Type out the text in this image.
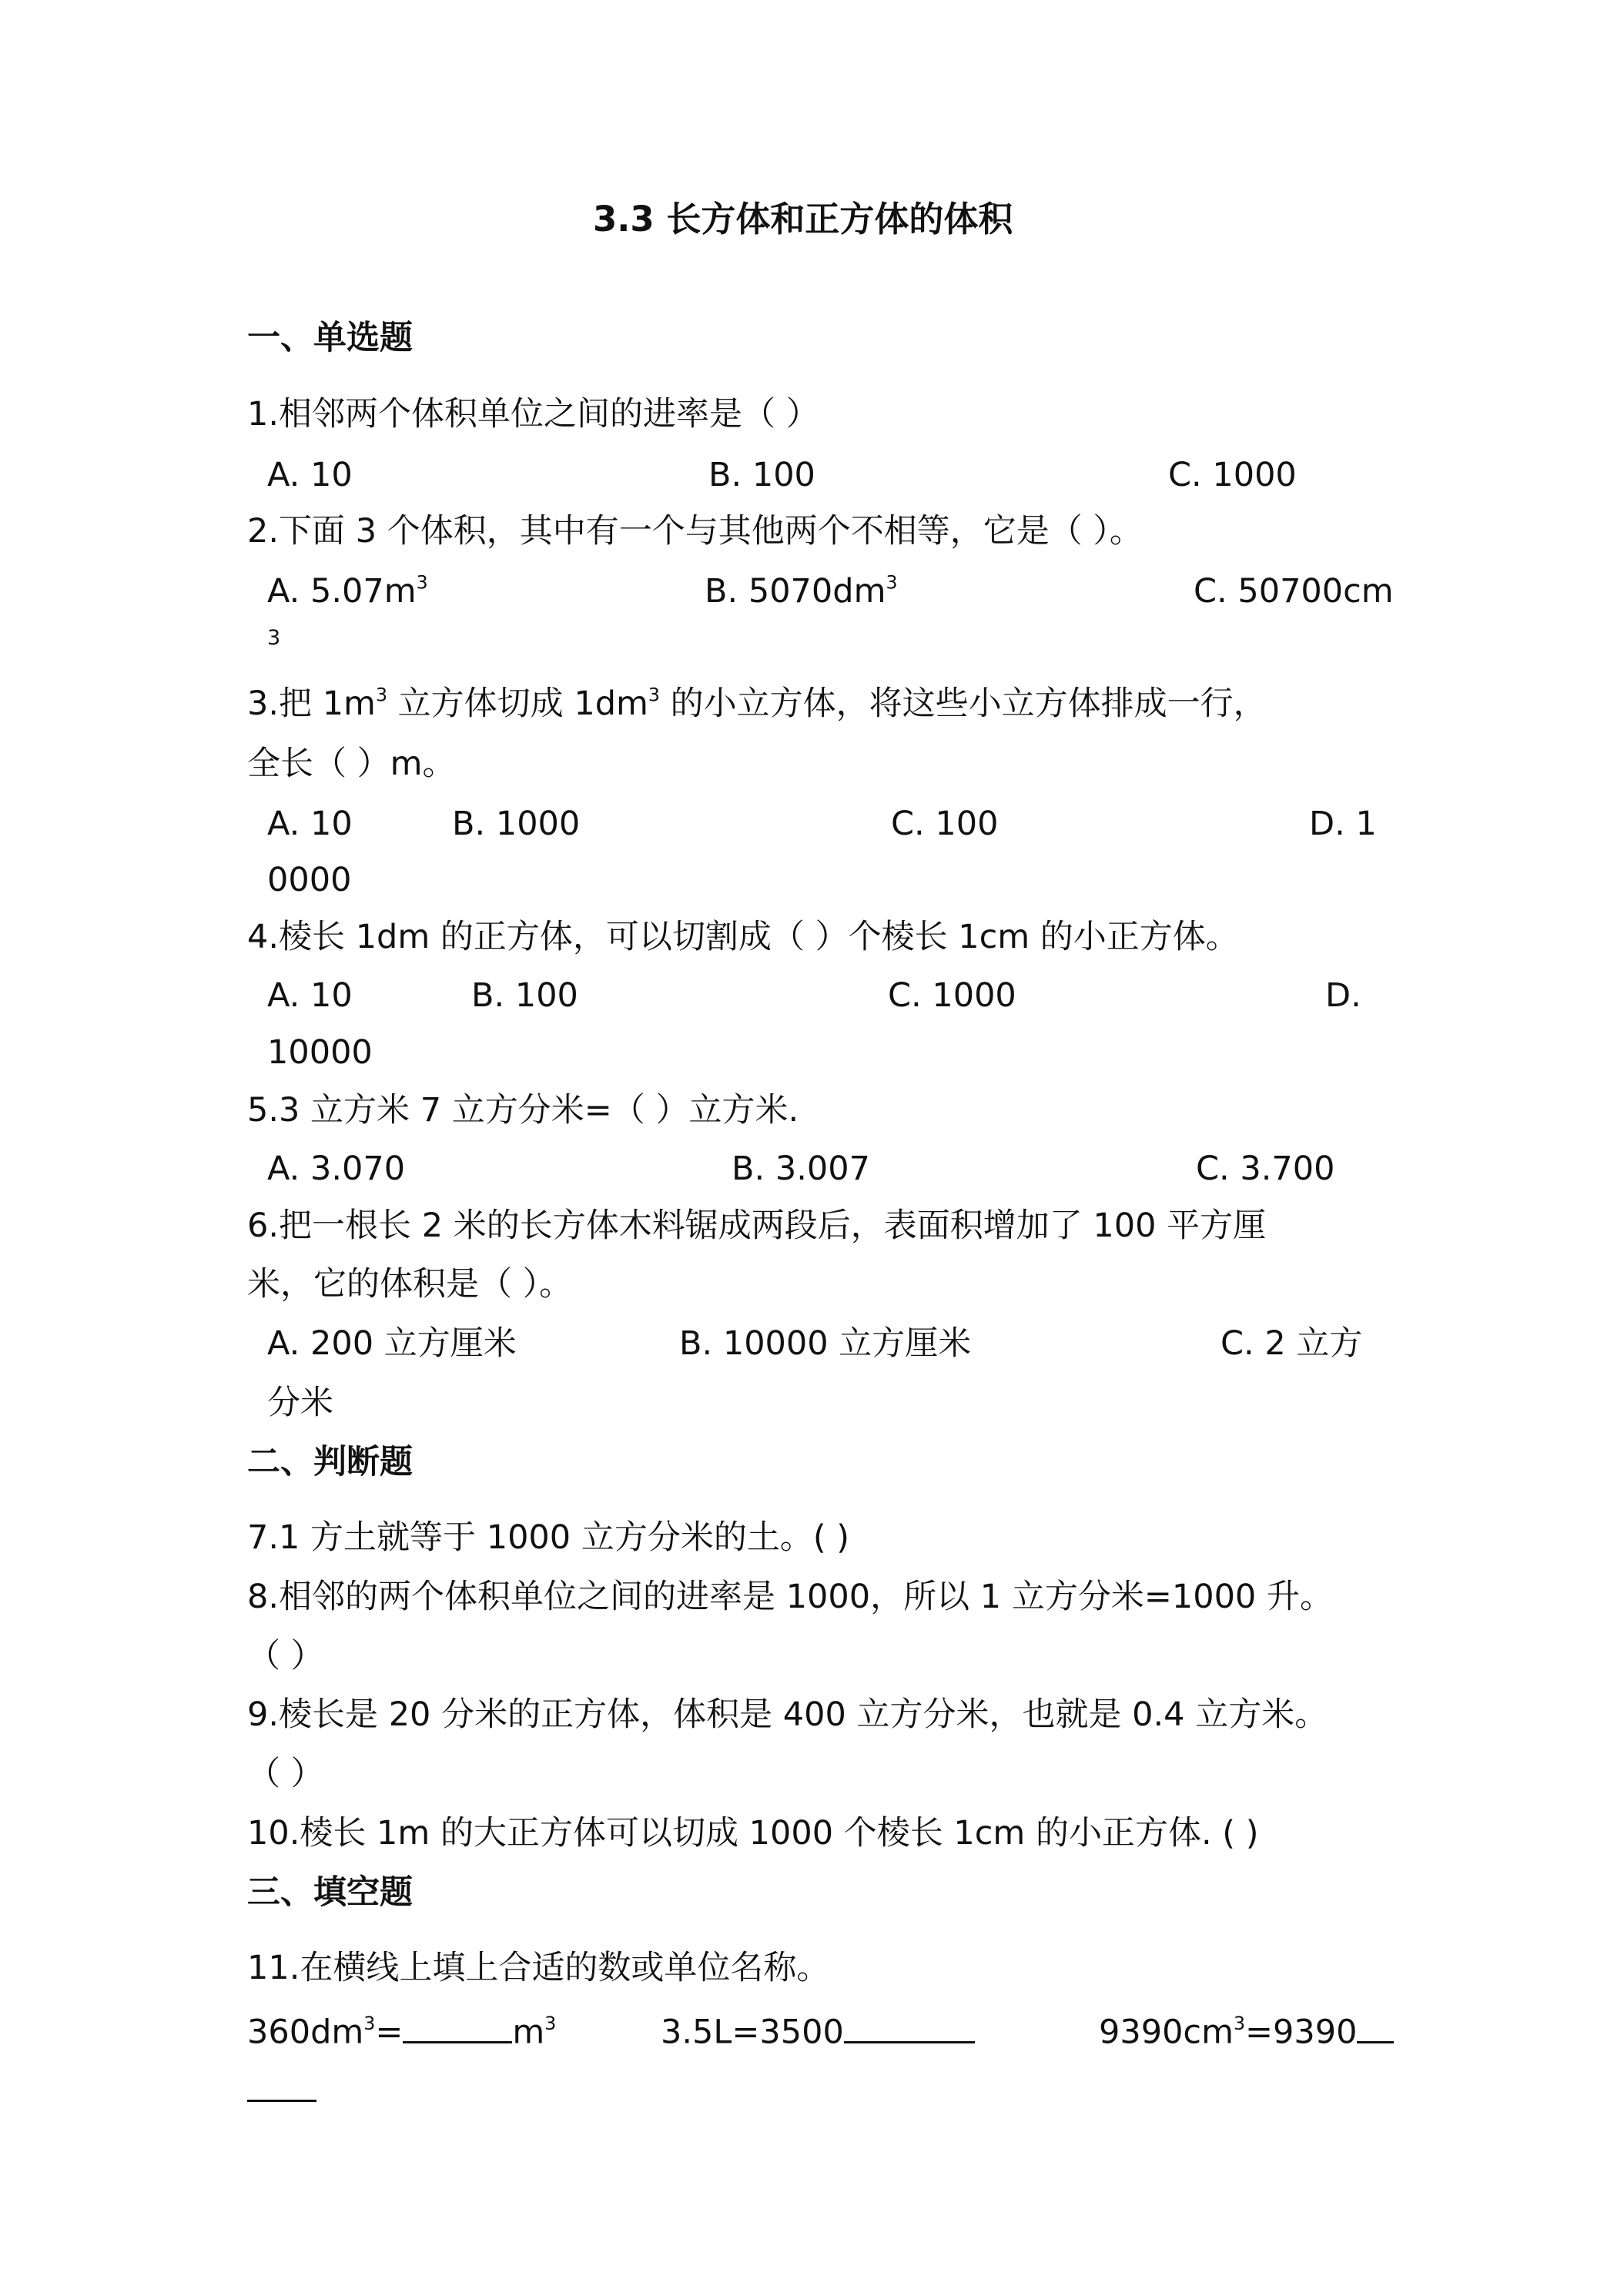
3.3 长方体和正方体的体积
一、单选题
1.相邻两个体积单位之间的进率是（ ）
A. 10	B. 100	C. 1000
2.下面 3 个体积，其中有一个与其他两个不相等，它是（ ）。
A. $5.07m^3$	B. $5070dm^3$	C. 50700cm
3
3.把 $1m^3$ 立方体切成 $1dm^3$ 的小立方体，将这些小立方体排成一行，
全长（ ）m。
A. 10	B. 1000	C. 100	D. 1
0000
4.棱长 1dm 的正方体，可以切割成（ ）个棱长 1cm 的小正方体。
A. 10	B. 100	C. 1000	D.
10000
5.3 立方米 7 立方分米=（ ）立方米.
A. 3.070	B. 3.007	C. 3.700
6.把一根长 2 米的长方体木料锯成两段后，表面积增加了 100 平方厘
米，它的体积是（ ）。
A. 200 立方厘米	B. 10000 立方厘米	C. 2 立方
分米
二、判断题
7.1 方土就等于 1000 立方分米的土。( )
8.相邻的两个体积单位之间的进率是 1000，所以 1 立方分米=1000 升。
（ ）
9.棱长是 20 分米的正方体，体积是 400 立方分米，也就是 0.4 立方米。
（ ）
10.棱长 1m 的大正方体可以切成 1000 个棱长 1cm 的小正方体. ( )
三、填空题
11.在横线上填上合适的数或单位名称。
$360dm^3=$	$m^3$	3.5L=3500	$9390cm^3=9390$
